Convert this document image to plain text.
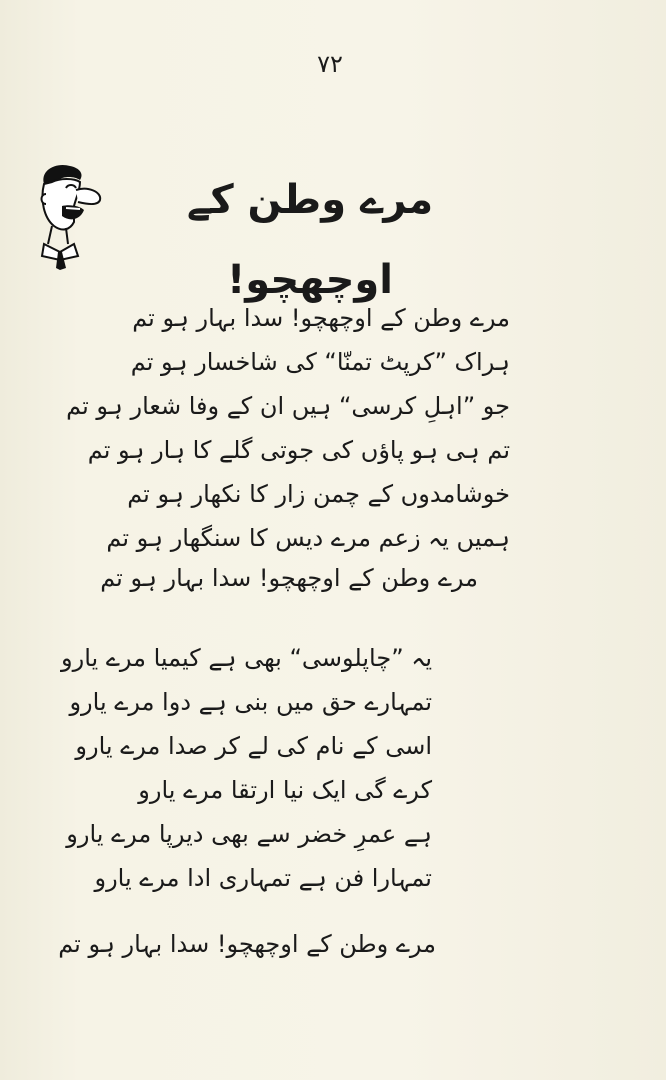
۷۲
مرے وطن کے اوچھچو!
مرے وطن کے اوچھچو! سدا بہار ہو تم
ہراک ”کرپٹ تمنّا“ کی شاخسار ہو تم
جو ”اہلِ کرسی“ ہیں ان کے وفا شعار ہو تم
تم ہی ہو پاؤں کی جوتی گلے کا ہار ہو تم
خوشامدوں کے چمن زار کا نکھار ہو تم
ہمیں یہ زعم مرے دیس کا سنگھار ہو تم
مرے وطن کے اوچھچو! سدا بہار ہو تم
یہ ”چاپلوسی“ بھی ہے کیمیا مرے یارو
تمہارے حق میں بنی ہے دوا مرے یارو
اسی کے نام کی لے کر صدا مرے یارو
کرے گی ایک نیا ارتقا مرے یارو
ہے عمرِ خضر سے بھی دیرپا مرے یارو
تمہارا فن ہے تمہاری ادا مرے یارو
مرے وطن کے اوچھچو! سدا بہار ہو تم
